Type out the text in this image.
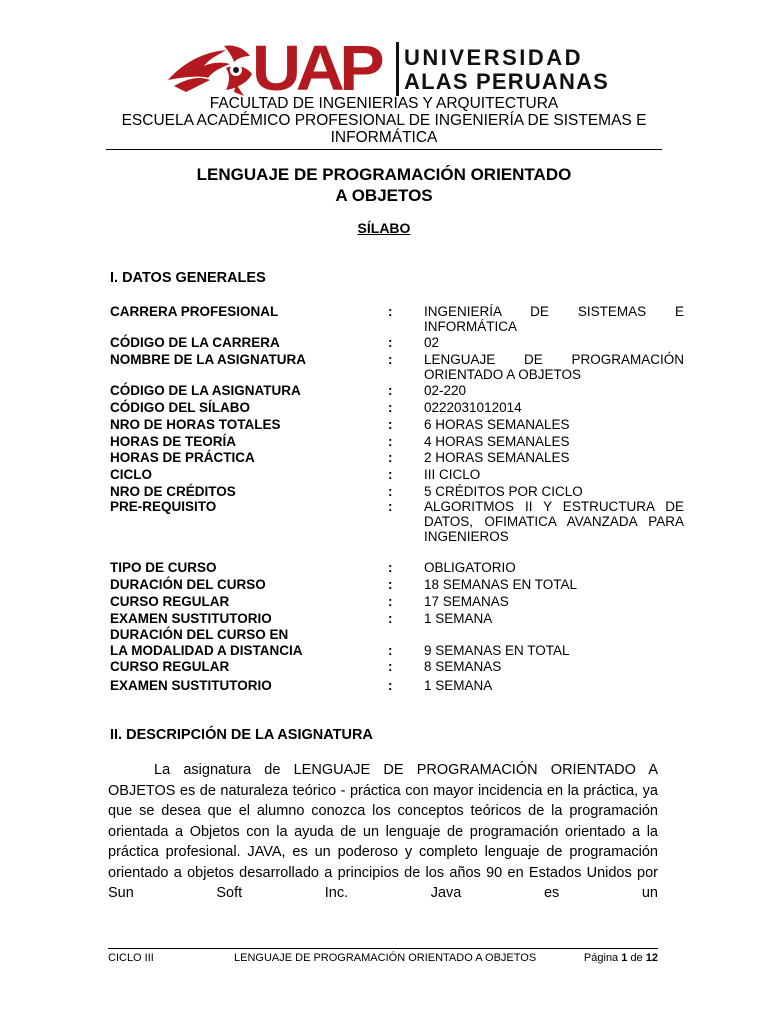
UAP UNIVERSIDAD
ALAS PERUANAS
FACULTAD DE INGENIERIAS Y ARQUITECTURA
ESCUELA ACADÉMICO PROFESIONAL DE INGENIERÍA DE SISTEMAS E INFORMÁTICA
LENGUAJE DE PROGRAMACIÓN ORIENTADO A OBJETOS
SÍLABO
I. DATOS GENERALES
CARRERA PROFESIONAL	: INGENIERÍA DE SISTEMAS E INFORMÁTICA
CÓDIGO DE LA CARRERA	: 02
NOMBRE DE LA ASIGNATURA	: LENGUAJE DE PROGRAMACIÓN ORIENTADO A OBJETOS
CÓDIGO DE LA ASIGNATURA	: 02-220
CÓDIGO DEL SÍLABO	: 0222031012014
NRO DE HORAS TOTALES	: 6 HORAS SEMANALES
HORAS DE TEORÍA	: 4 HORAS SEMANALES
HORAS DE PRÁCTICA	: 2 HORAS SEMANALES
CICLO	: III CICLO
NRO DE CRÉDITOS	: 5 CRÉDITOS POR CICLO
PRE-REQUISITO	: ALGORITMOS II Y ESTRUCTURA DE DATOS, OFIMATICA AVANZADA PARA INGENIEROS
TIPO DE CURSO	: OBLIGATORIO
DURACIÓN DEL CURSO	: 18 SEMANAS EN TOTAL
CURSO REGULAR	: 17 SEMANAS
EXAMEN SUSTITUTORIO	: 1 SEMANA
DURACIÓN DEL CURSO EN
LA MODALIDAD A DISTANCIA	: 9 SEMANAS EN TOTAL
CURSO REGULAR	: 8 SEMANAS
EXAMEN SUSTITUTORIO	: 1 SEMANA
II. DESCRIPCIÓN DE LA ASIGNATURA
La asignatura de LENGUAJE DE PROGRAMACIÓN ORIENTADO A OBJETOS es de naturaleza teórico - práctica con mayor incidencia en la práctica, ya que se desea que el alumno conozca los conceptos teóricos de la programación orientada a Objetos con la ayuda de un lenguaje de programación orientado a la práctica profesional. JAVA, es un poderoso y completo lenguaje de programación orientado a objetos desarrollado a principios de los años 90 en Estados Unidos por Sun Soft Inc. Java es un
CICLO III	LENGUAJE DE PROGRAMACIÓN ORIENTADO A OBJETOS	Página 1 de 12
